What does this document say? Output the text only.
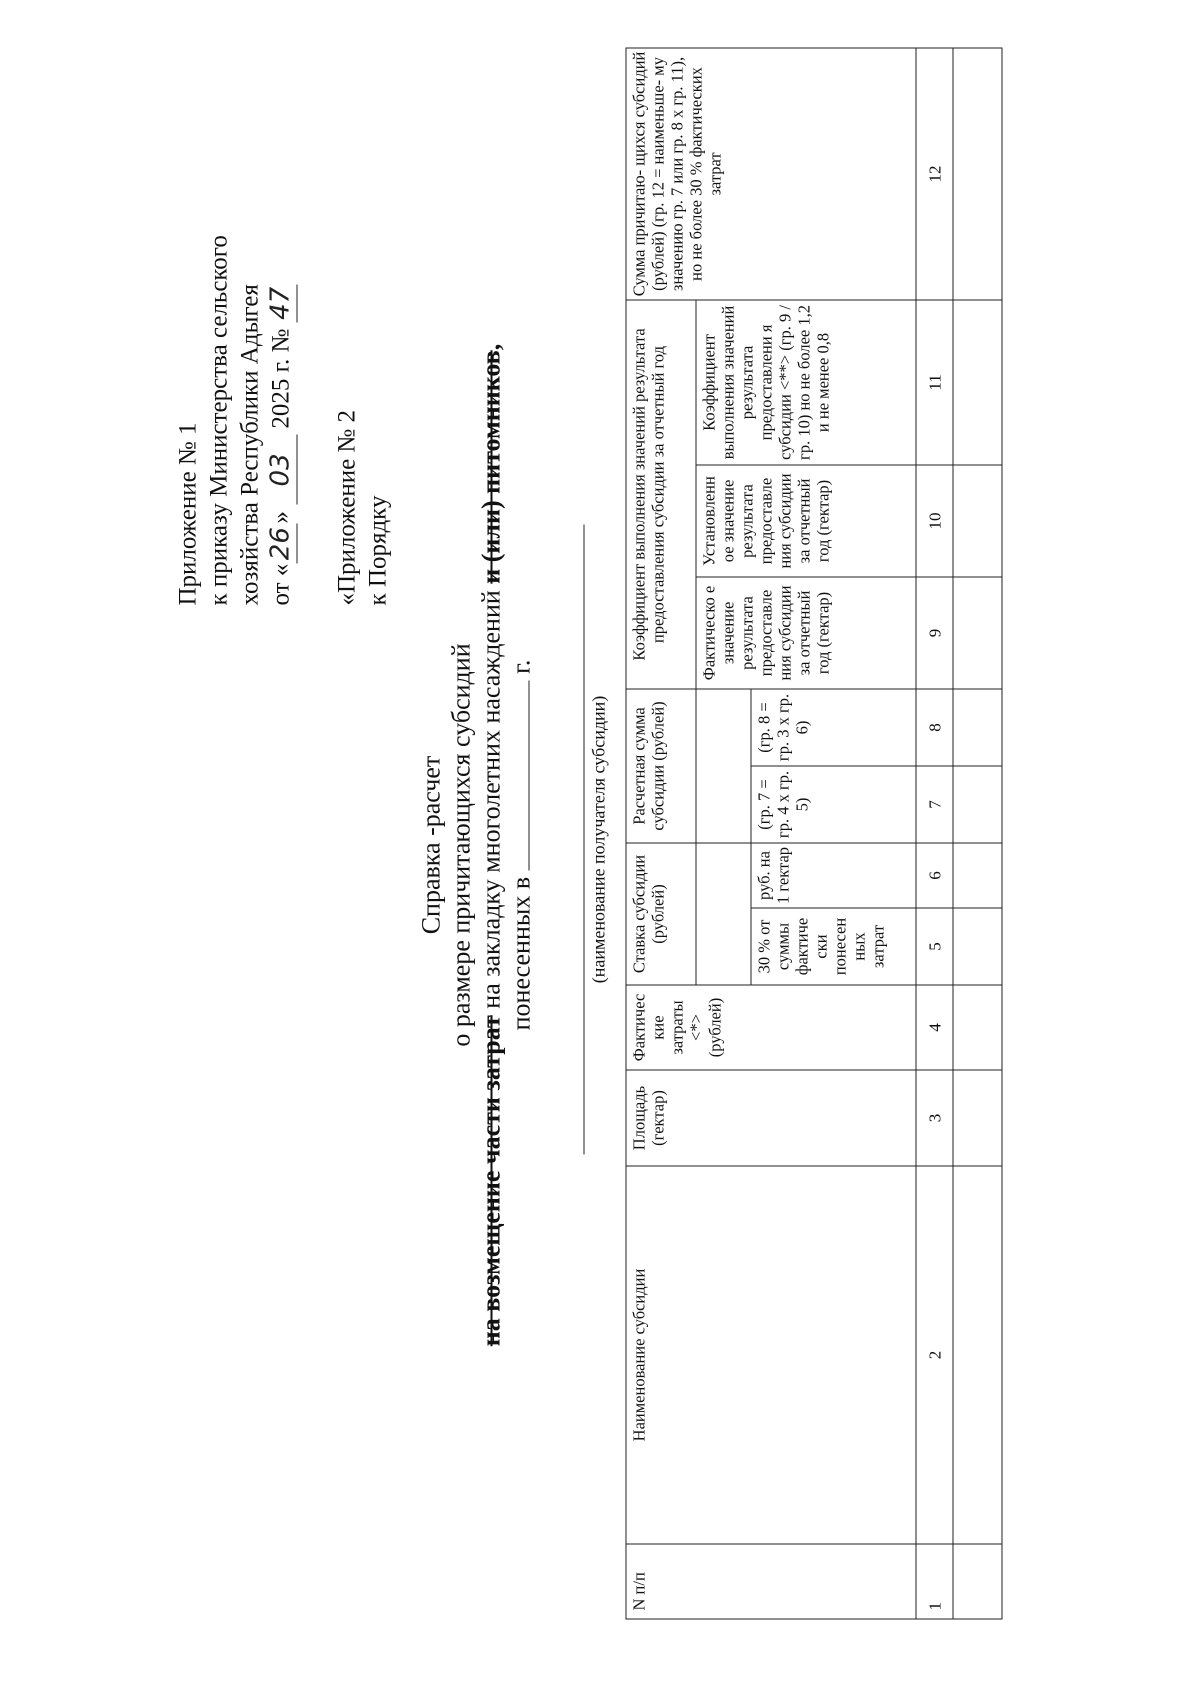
Приложение № 1 к приказу Министерства сельского хозяйства Республики Адыгея от «26» 03 2025 г. № 47
«Приложение № 2 к Порядку
Справка -расчет о размере причитающихся субсидий
на возмещение части затрат на закладку многолетних насаждений и (или) питомников,
понесенных в  г.
(наименование получателя субсидии)
N п/п	Наименование субсидии	Площадь (гектар)	Фактичес кие затраты <*> (рублей)	Ставка субсидии (рублей)		Расчетная сумма субсидии (рублей)		Коэффициент выполнения значений результата предоставления субсидии за отчетный год			Сумма причитаю- щихся субсидий (рублей) (гр. 12 = наименьше- му значению гр. 7 или гр. 8 х гр. 11), но не более 30 % фактических затрат
								Фактическо е значение результата предоставле ния субсидии за отчетный год (гектар)	Установленн ое значение результата предоставле ния субсидии за отчетный год (гектар)	Коэффициент выполнения значений результата предоставлени я субсидии <**> (гр. 9 / гр. 10) но не более 1,2 и не менее 0,8	
				30 % от суммы фактиче ски понесен ных затрат	руб. на 1 гектар	(гр. 7 = гр. 4 х гр. 5)	(гр. 8 = гр. 3 х гр. 6)				
1	2	3	4	5	6	7	8	9	10	11	12
